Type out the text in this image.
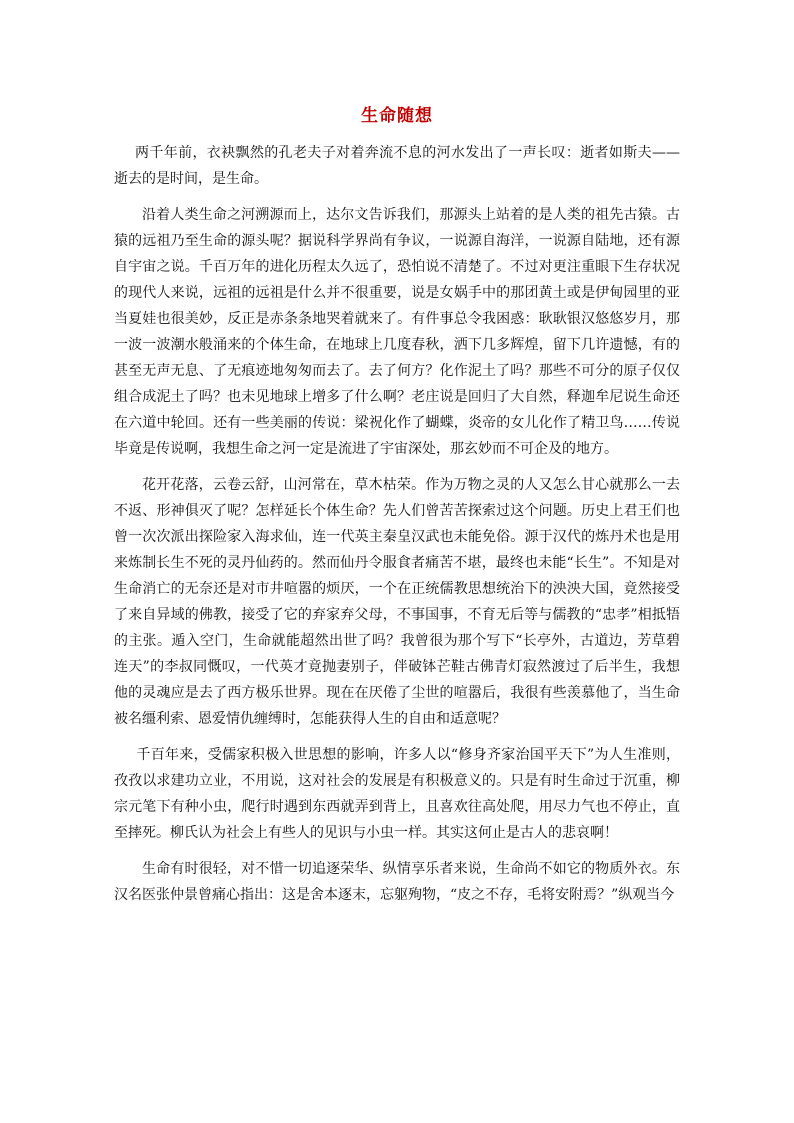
生命随想

两千年前，衣袂飘然的孔老夫子对着奔流不息的河水发出了一声长叹：逝者如斯夫——逝去的是时间，是生命。

沿着人类生命之河溯源而上，达尔文告诉我们，那源头上站着的是人类的祖先古猿。古猿的远祖乃至生命的源头呢？据说科学界尚有争议，一说源自海洋，一说源自陆地，还有源自宇宙之说。千百万年的进化历程太久远了，恐怕说不清楚了。不过对更注重眼下生存状况的现代人来说，远祖的远祖是什么并不很重要，说是女娲手中的那团黄土或是伊甸园里的亚当夏娃也很美妙，反正是赤条条地哭着就来了。有件事总令我困惑：耿耿银汉悠悠岁月，那一波一波潮水般涌来的个体生命，在地球上几度春秋，洒下几多辉煌，留下几许遗憾，有的甚至无声无息、了无痕迹地匆匆而去了。去了何方？化作泥土了吗？那些不可分的原子仅仅组合成泥土了吗？也未见地球上增多了什么啊？老庄说是回归了大自然，释迦牟尼说生命还在六道中轮回。还有一些美丽的传说：梁祝化作了蝴蝶，炎帝的女儿化作了精卫鸟……传说毕竟是传说啊，我想生命之河一定是流进了宇宙深处，那玄妙而不可企及的地方。

花开花落，云卷云舒，山河常在，草木枯荣。作为万物之灵的人又怎么甘心就那么一去不返、形神俱灭了呢？怎样延长个体生命？先人们曾苦苦探索过这个问题。历史上君王们也曾一次次派出探险家入海求仙，连一代英主秦皇汉武也未能免俗。源于汉代的炼丹术也是用来炼制长生不死的灵丹仙药的。然而仙丹令服食者痛苦不堪，最终也未能“长生”。不知是对生命消亡的无奈还是对市井喧嚣的烦厌，一个在正统儒教思想统治下的泱泱大国，竟然接受了来自异域的佛教，接受了它的弃家弃父母，不事国事，不育无后等与儒教的“忠孝”相抵牾的主张。遁入空门，生命就能超然出世了吗？我曾很为那个写下“长亭外，古道边，芳草碧连天”的李叔同慨叹，一代英才竟抛妻别子，伴破钵芒鞋古佛青灯寂然渡过了后半生，我想他的灵魂应是去了西方极乐世界。现在在厌倦了尘世的喧嚣后，我很有些羡慕他了，当生命被名缰利索、恩爱情仇缠缚时，怎能获得人生的自由和适意呢？

千百年来，受儒家积极入世思想的影响，许多人以“修身齐家治国平天下”为人生准则，孜孜以求建功立业，不用说，这对社会的发展是有积极意义的。只是有时生命过于沉重，柳宗元笔下有种小虫，爬行时遇到东西就弄到背上，且喜欢往高处爬，用尽力气也不停止，直至摔死。柳氏认为社会上有些人的见识与小虫一样。其实这何止是古人的悲哀啊！

生命有时很轻，对不惜一切追逐荣华、纵情享乐者来说，生命尚不如它的物质外衣。东汉名医张仲景曾痛心指出：这是舍本逐末，忘躯殉物，“皮之不存，毛将安附焉？”纵观当今
